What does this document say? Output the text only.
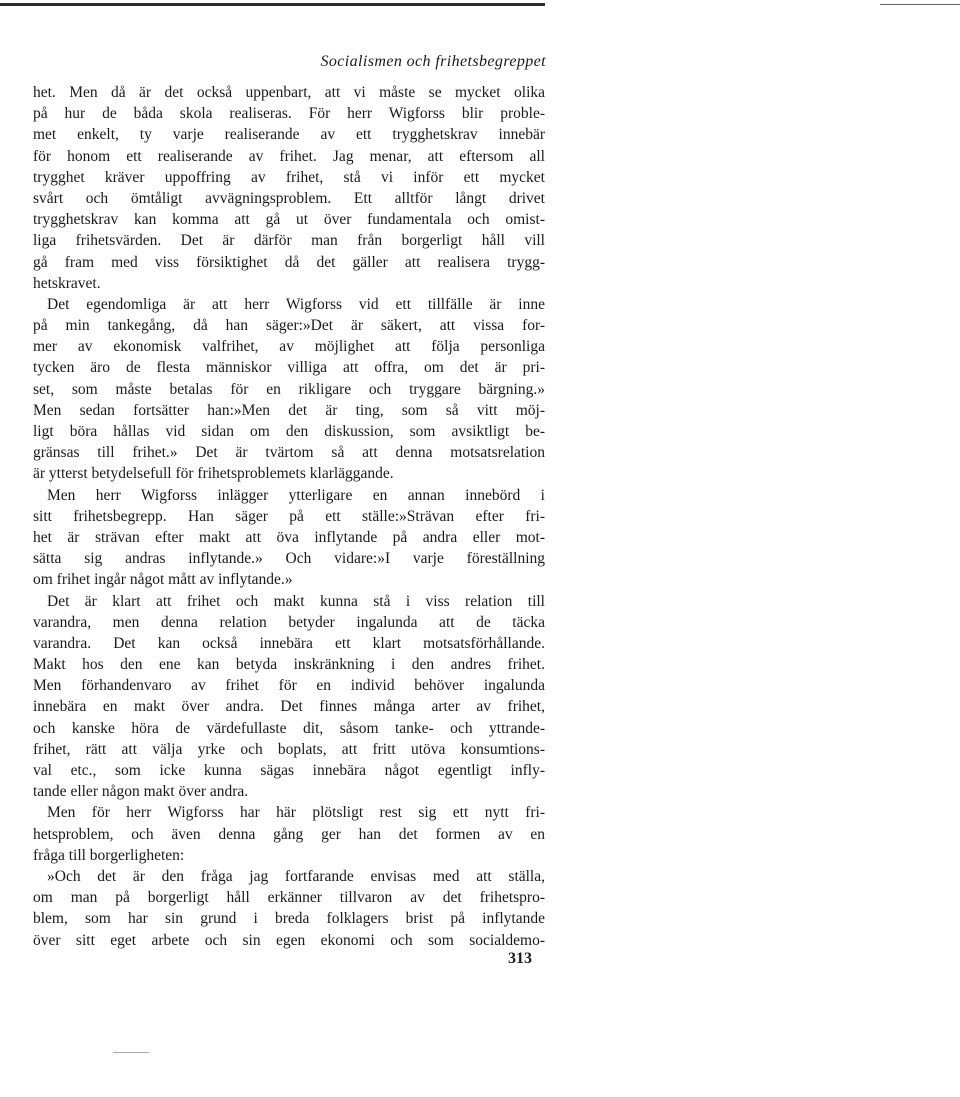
Socialismen och frihetsbegreppet
het. Men då är det också uppenbart, att vi måste se mycket olika
på hur de båda skola realiseras. För herr Wigforss blir proble-
met enkelt, ty varje realiserande av ett trygghetskrav innebär
för honom ett realiserande av frihet. Jag menar, att eftersom all
trygghet kräver uppoffring av frihet, stå vi inför ett mycket
svårt och ömtåligt avvägningsproblem. Ett alltför långt drivet
trygghetskrav kan komma att gå ut över fundamentala och omist-
liga frihetsvärden. Det är därför man från borgerligt håll vill
gå fram med viss försiktighet då det gäller att realisera trygg-
hetskravet.
Det egendomliga är att herr Wigforss vid ett tillfälle är inne
på min tankegång, då han säger:»Det är säkert, att vissa for-
mer av ekonomisk valfrihet, av möjlighet att följa personliga
tycken äro de flesta människor villiga att offra, om det är pri-
set, som måste betalas för en rikligare och tryggare bärgning.»
Men sedan fortsätter han:»Men det är ting, som så vitt möj-
ligt böra hållas vid sidan om den diskussion, som avsiktligt be-
gränsas till frihet.» Det är tvärtom så att denna motsatsrelation
är ytterst betydelsefull för frihetsproblemets klarläggande.
Men herr Wigforss inlägger ytterligare en annan innebörd i
sitt frihetsbegrepp. Han säger på ett ställe:»Strävan efter fri-
het är strävan efter makt att öva inflytande på andra eller mot-
sätta sig andras inflytande.» Och vidare:»I varje föreställning
om frihet ingår något mått av inflytande.»
Det är klart att frihet och makt kunna stå i viss relation till
varandra, men denna relation betyder ingalunda att de täcka
varandra. Det kan också innebära ett klart motsatsförhållande.
Makt hos den ene kan betyda inskränkning i den andres frihet.
Men förhandenvaro av frihet för en individ behöver ingalunda
innebära en makt över andra. Det finnes många arter av frihet,
och kanske höra de värdefullaste dit, såsom tanke- och yttrande-
frihet, rätt att välja yrke och boplats, att fritt utöva konsumtions-
val etc., som icke kunna sägas innebära något egentligt infly-
tande eller någon makt över andra.
Men för herr Wigforss har här plötsligt rest sig ett nytt fri-
hetsproblem, och även denna gång ger han det formen av en
fråga till borgerligheten:
»Och det är den fråga jag fortfarande envisas med att ställa,
om man på borgerligt håll erkänner tillvaron av det frihetspro-
blem, som har sin grund i breda folklagers brist på inflytande
över sitt eget arbete och sin egen ekonomi och som socialdemo-
313
